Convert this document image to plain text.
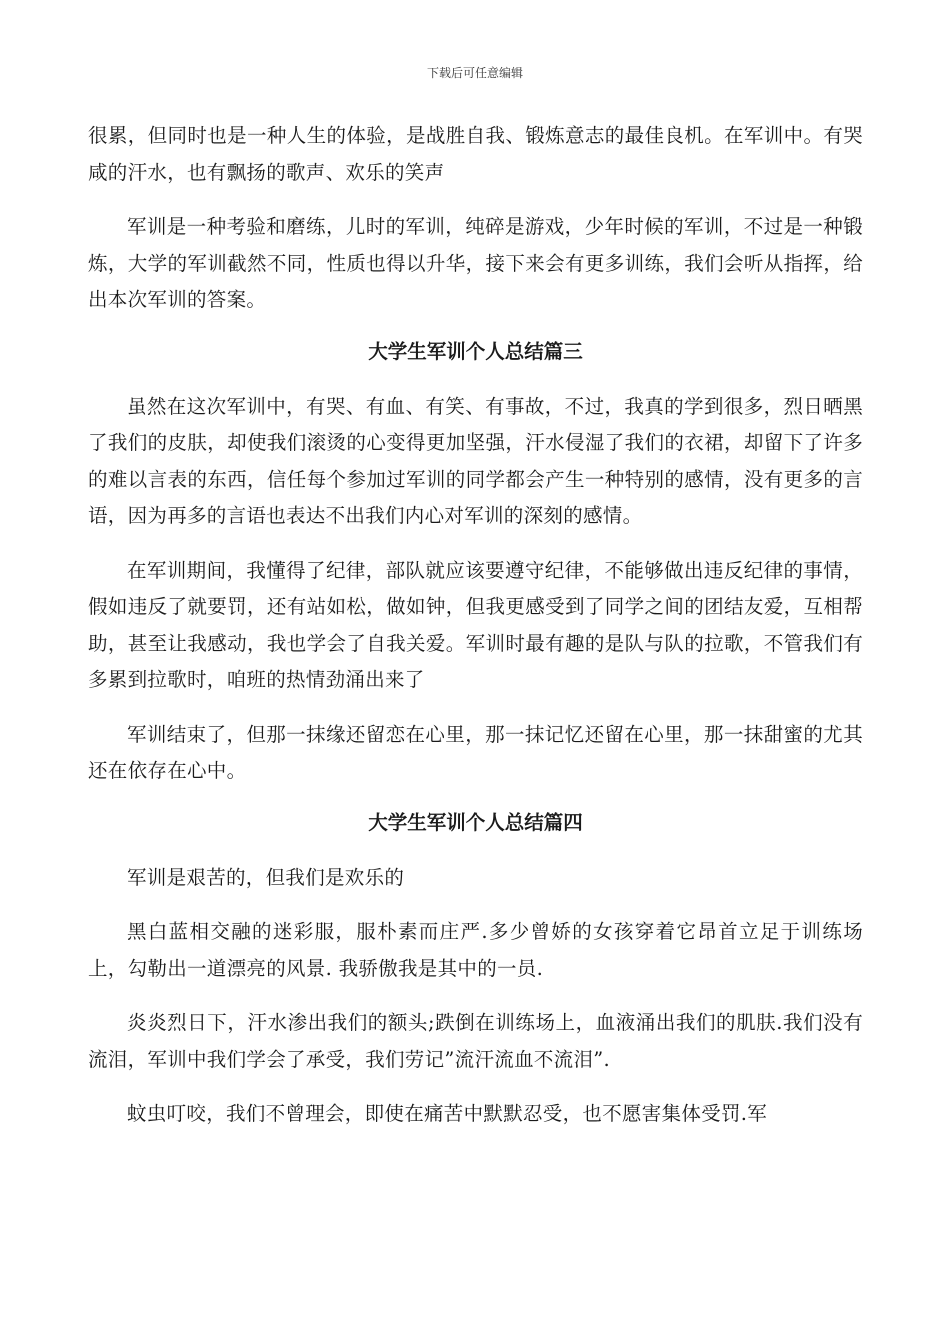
下载后可任意编辑

很累，但同时也是一种人生的体验，是战胜自我、锻炼意志的最佳良机。在军训中。有哭咸的汗水，也有飘扬的歌声、欢乐的笑声

军训是一种考验和磨练，儿时的军训，纯碎是游戏，少年时候的军训，不过是一种锻炼，大学的军训截然不同，性质也得以升华，接下来会有更多训练，我们会听从指挥，给出本次军训的答案。

大学生军训个人总结篇三

虽然在这次军训中，有哭、有血、有笑、有事故，不过，我真的学到很多，烈日晒黑了我们的皮肤，却使我们滚烫的心变得更加坚强，汗水侵湿了我们的衣裙，却留下了许多的难以言表的东西，信任每个参加过军训的同学都会产生一种特别的感情，没有更多的言语，因为再多的言语也表达不出我们内心对军训的深刻的感情。

在军训期间，我懂得了纪律，部队就应该要遵守纪律，不能够做出违反纪律的事情，假如违反了就要罚，还有站如松，做如钟，但我更感受到了同学之间的团结友爱，互相帮助，甚至让我感动，我也学会了自我关爱。军训时最有趣的是队与队的拉歌，不管我们有多累到拉歌时，咱班的热情劲涌出来了

军训结束了，但那一抹缘还留恋在心里，那一抹记忆还留在心里，那一抹甜蜜的尤其还在依存在心中。

大学生军训个人总结篇四

军训是艰苦的，但我们是欢乐的

黑白蓝相交融的迷彩服，服朴素而庄严.多少曾娇的女孩穿着它昂首立足于训练场上，勾勒出一道漂亮的风景. 我骄傲我是其中的一员.

炎炎烈日下，汗水渗出我们的额头;跌倒在训练场上，血液涌出我们的肌肤.我们没有流泪，军训中我们学会了承受，我们劳记”流汗流血不流泪”.

蚊虫叮咬，我们不曾理会，即使在痛苦中默默忍受，也不愿害集体受罚.军
